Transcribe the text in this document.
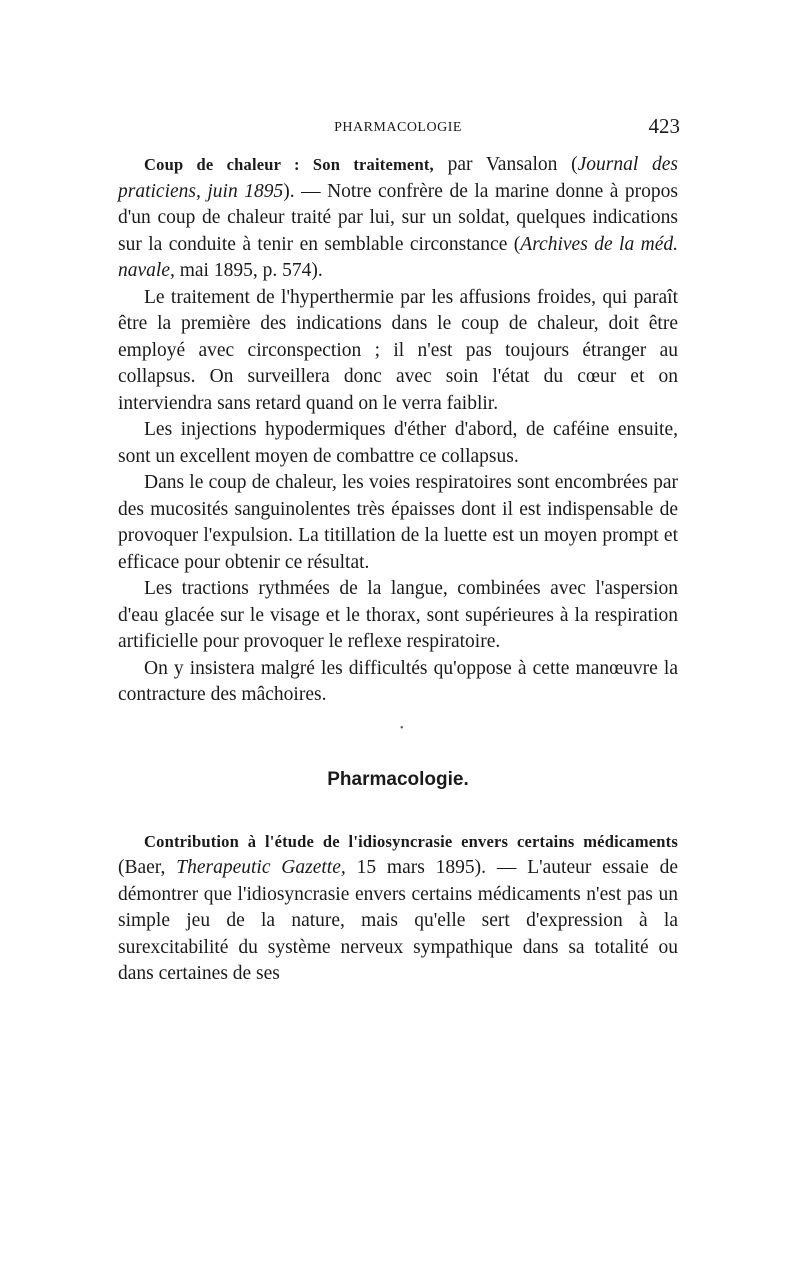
PHARMACOLOGIE	423

Coup de chaleur : Son traitement, par Vansalon (Journal des praticiens, juin 1895). — Notre confrère de la marine donne à propos d'un coup de chaleur traité par lui, sur un soldat, quelques indications sur la conduite à tenir en semblable circonstance (Archives de la méd. navale, mai 1895, p. 574).

Le traitement de l'hyperthermie par les affusions froides, qui paraît être la première des indications dans le coup de chaleur, doit être employé avec circonspection ; il n'est pas toujours étranger au collapsus. On surveillera donc avec soin l'état du cœur et on interviendra sans retard quand on le verra faiblir.

Les injections hypodermiques d'éther d'abord, de caféine ensuite, sont un excellent moyen de combattre ce collapsus.

Dans le coup de chaleur, les voies respiratoires sont encombrées par des mucosités sanguinolentes très épaisses dont il est indispensable de provoquer l'expulsion. La titillation de la luette est un moyen prompt et efficace pour obtenir ce résultat.

Les tractions rythmées de la langue, combinées avec l'aspersion d'eau glacée sur le visage et le thorax, sont supérieures à la respiration artificielle pour provoquer le reflexe respiratoire.

On y insistera malgré les difficultés qu'oppose à cette manœuvre la contracture des mâchoires.

•
Pharmacologie.

Contribution à l'étude de l'idiosyncrasie envers certains médicaments (Baer, Therapeutic Gazette, 15 mars 1895). — L'auteur essaie de démontrer que l'idiosyncrasie envers certains médicaments n'est pas un simple jeu de la nature, mais qu'elle sert d'expression à la surexcitabilité du système nerveux sympathique dans sa totalité ou dans certaines de ses
